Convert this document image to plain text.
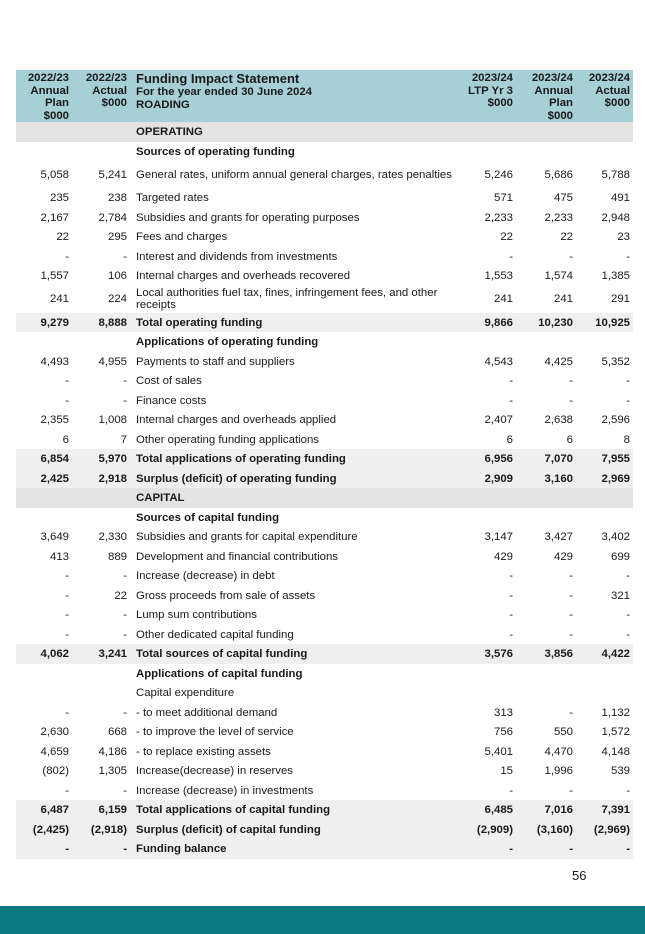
2022/23
Annual
Plan
$000	2022/23
Actual
$000	Funding Impact Statement
For the year ended 30 June 2024
ROADING	2023/24
LTP Yr 3
$000	2023/24
Annual
Plan
$000	2023/24
Actual
$000
		OPERATING			
		Sources of operating funding			
5,058	5,241	General rates, uniform annual general charges, rates penalties	5,246	5,686	5,788
235	238	Targeted rates	571	475	491
2,167	2,784	Subsidies and grants for operating purposes	2,233	2,233	2,948
22	295	Fees and charges	22	22	23
-	-	Interest and dividends from investments	-	-	-
1,557	106	Internal charges and overheads recovered	1,553	1,574	1,385
241	224	Local authorities fuel tax, fines, infringement fees, and other receipts	241	241	291
9,279	8,888	Total operating funding	9,866	10,230	10,925
		Applications of operating funding			
4,493	4,955	Payments to staff and suppliers	4,543	4,425	5,352
-	-	Cost of sales	-	-	-
-	-	Finance costs	-	-	-
2,355	1,008	Internal charges and overheads applied	2,407	2,638	2,596
6	7	Other operating funding applications	6	6	8
6,854	5,970	Total applications of operating funding	6,956	7,070	7,955
2,425	2,918	Surplus (deficit) of operating funding	2,909	3,160	2,969
		CAPITAL			
		Sources of capital funding			
3,649	2,330	Subsidies and grants for capital expenditure	3,147	3,427	3,402
413	889	Development and financial contributions	429	429	699
-	-	Increase (decrease) in debt	-	-	-
-	22	Gross proceeds from sale of assets	-	-	321
-	-	Lump sum contributions	-	-	-
-	-	Other dedicated capital funding	-	-	-
4,062	3,241	Total sources of capital funding	3,576	3,856	4,422
		Applications of capital funding			
		Capital expenditure			
-	-	- to meet additional demand	313	-	1,132
2,630	668	- to improve the level of service	756	550	1,572
4,659	4,186	- to replace existing assets	5,401	4,470	4,148
(802)	1,305	Increase(decrease) in reserves	15	1,996	539
-	-	Increase (decrease) in investments	-	-	-
6,487	6,159	Total applications of capital funding	6,485	7,016	7,391
(2,425)	(2,918)	Surplus (deficit) of capital funding	(2,909)	(3,160)	(2,969)
-	-	Funding balance	-	-	-
56
